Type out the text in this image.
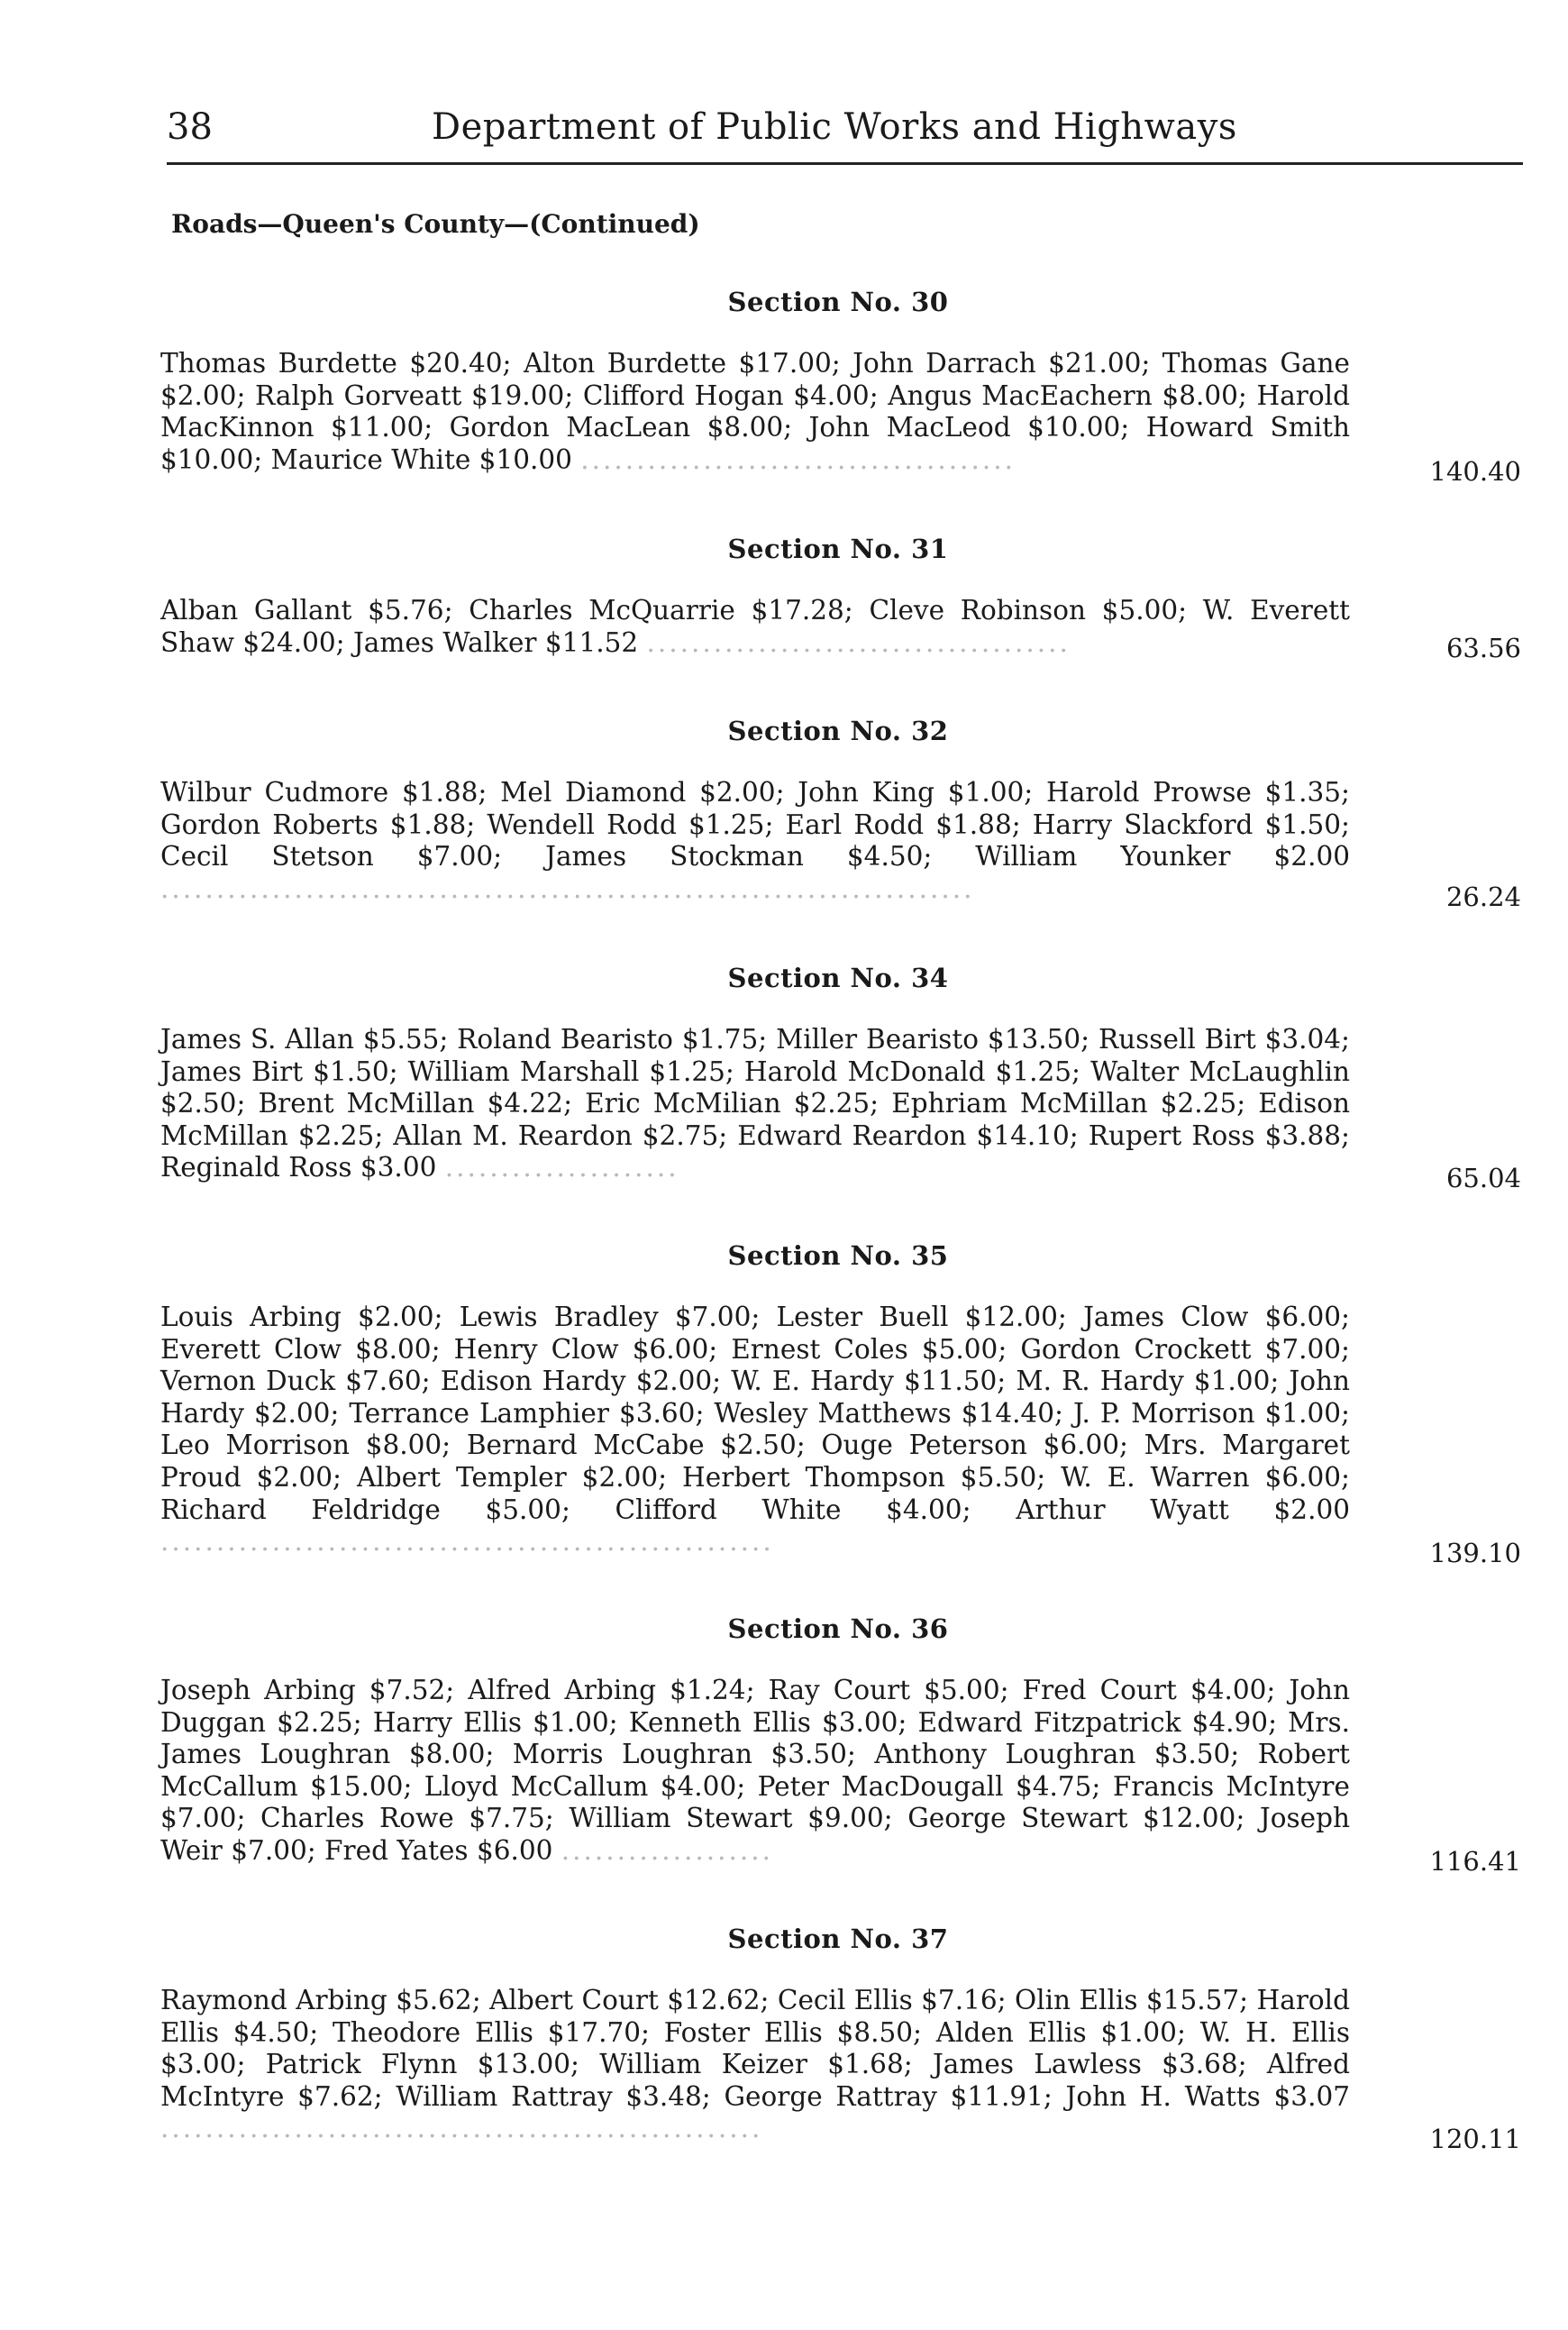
38	Department of Public Works and Highways
Roads—Queen's County—(Continued)
Section No. 30

Thomas Burdette $20.40; Alton Burdette $17.00; John Darrach $21.00; Thomas Gane $2.00; Ralph Gorveatt $19.00; Clifford Hogan $4.00; Angus MacEachern $8.00; Harold MacKinnon $11.00; Gordon MacLean $8.00; John MacLeod $10.00; Howard Smith $10.00; Maurice White $10.00 .......................................	140.40
Section No. 31

Alban Gallant $5.76; Charles McQuarrie $17.28; Cleve Robinson $5.00; W. Everett Shaw $24.00; James Walker $11.52 ......................................	63.56
Section No. 32

Wilbur Cudmore $1.88; Mel Diamond $2.00; John King $1.00; Harold Prowse $1.35; Gordon Roberts $1.88; Wendell Rodd $1.25; Earl Rodd $1.88; Harry Slackford $1.50; Cecil Stetson $7.00; James Stockman $4.50; William Younker $2.00 .........................................................................	26.24
Section No. 34

James S. Allan $5.55; Roland Bearisto $1.75; Miller Bearisto $13.50; Russell Birt $3.04; James Birt $1.50; William Marshall $1.25; Harold McDonald $1.25; Walter McLaughlin $2.50; Brent McMillan $4.22; Eric McMilian $2.25; Ephriam McMillan $2.25; Edison McMillan $2.25; Allan M. Reardon $2.75; Edward Reardon $14.10; Rupert Ross $3.88; Reginald Ross $3.00 .....................	65.04
Section No. 35

Louis Arbing $2.00; Lewis Bradley $7.00; Lester Buell $12.00; James Clow $6.00; Everett Clow $8.00; Henry Clow $6.00; Ernest Coles $5.00; Gordon Crockett $7.00; Vernon Duck $7.60; Edison Hardy $2.00; W. E. Hardy $11.50; M. R. Hardy $1.00; John Hardy $2.00; Terrance Lamphier $3.60; Wesley Matthews $14.40; J. P. Morrison $1.00; Leo Morrison $8.00; Bernard McCabe $2.50; Ouge Peterson $6.00; Mrs. Margaret Proud $2.00; Albert Templer $2.00; Herbert Thompson $5.50; W. E. Warren $6.00; Richard Feldridge $5.00; Clifford White $4.00; Arthur Wyatt $2.00 .......................................................	139.10
Section No. 36

Joseph Arbing $7.52; Alfred Arbing $1.24; Ray Court $5.00; Fred Court $4.00; John Duggan $2.25; Harry Ellis $1.00; Kenneth Ellis $3.00; Edward Fitzpatrick $4.90; Mrs. James Loughran $8.00; Morris Loughran $3.50; Anthony Loughran $3.50; Robert McCallum $15.00; Lloyd McCallum $4.00; Peter MacDougall $4.75; Francis McIntyre $7.00; Charles Rowe $7.75; William Stewart $9.00; George Stewart $12.00; Joseph Weir $7.00; Fred Yates $6.00 ...................	116.41
Section No. 37

Raymond Arbing $5.62; Albert Court $12.62; Cecil Ellis $7.16; Olin Ellis $15.57; Harold Ellis $4.50; Theodore Ellis $17.70; Foster Ellis $8.50; Alden Ellis $1.00; W. H. Ellis $3.00; Patrick Flynn $13.00; William Keizer $1.68; James Lawless $3.68; Alfred McIntyre $7.62; William Rattray $3.48; George Rattray $11.91; John H. Watts $3.07 ......................................................	120.11
